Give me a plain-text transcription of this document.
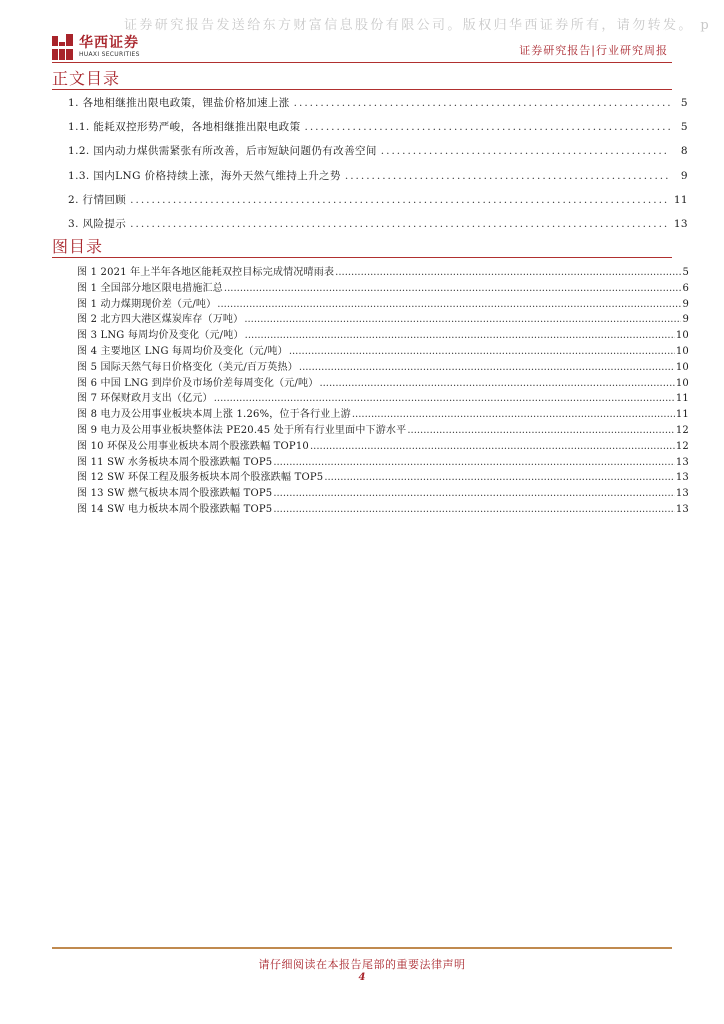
证券研究报告发送给东方财富信息股份有限公司。版权归华西证券所有，请勿转发。 p
华西证券
HUAXI SECURITIES	证券研究报告|行业研究周报
正文目录
1. 各地相继推出限电政策，锂盐价格加速上涨 .....	5
1.1. 能耗双控形势严峻，各地相继推出限电政策 .....	5
1.2. 国内动力煤供需紧张有所改善，后市短缺问题仍有改善空间 .....	8
1.3. 国内LNG 价格持续上涨，海外天然气维持上升之势 .....	9
2. 行情回顾 .....	11
3. 风险提示 .....	13
图目录
图 1 2021 年上半年各地区能耗双控目标完成情况晴雨表 .....	5
图 1 全国部分地区限电措施汇总 .....	6
图 1 动力煤期现价差（元/吨） .....	9
图 2 北方四大港区煤炭库存（万吨） .....	9
图 3 LNG 每周均价及变化（元/吨） .....	10
图 4 主要地区 LNG 每周均价及变化（元/吨） .....	10
图 5 国际天然气每日价格变化（美元/百万英热） .....	10
图 6 中国 LNG 到岸价及市场价差每周变化（元/吨） .....	10
图 7 环保财政月支出（亿元） .....	11
图 8 电力及公用事业板块本周上涨 1.26%，位于各行业上游 .....	11
图 9 电力及公用事业板块整体法 PE20.45 处于所有行业里面中下游水平 .....	12
图 10 环保及公用事业板块本周个股涨跌幅 TOP10 .....	12
图 11 SW 水务板块本周个股涨跌幅 TOP5 .....	13
图 12 SW 环保工程及服务板块本周个股涨跌幅 TOP5 .....	13
图 13 SW 燃气板块本周个股涨跌幅 TOP5 .....	13
图 14 SW 电力板块本周个股涨跌幅 TOP5 .....	13
请仔细阅读在本报告尾部的重要法律声明
4
